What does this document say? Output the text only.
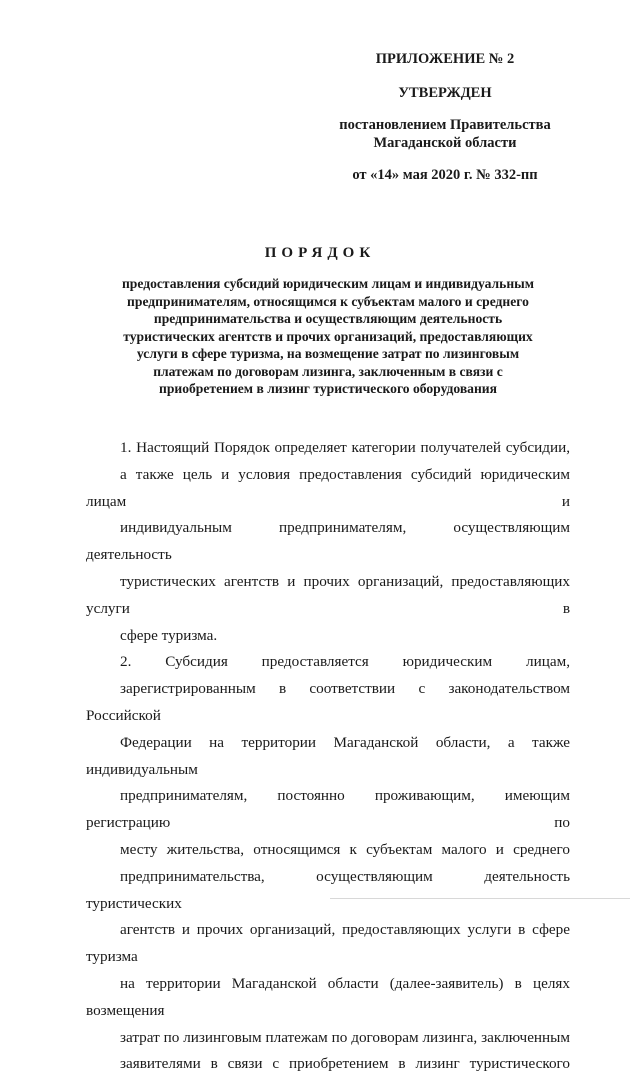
ПРИЛОЖЕНИЕ № 2
УТВЕРЖДЕН
постановлением Правительства
Магаданской области
от «14» мая 2020 г. № 332-пп
ПОРЯДОК
предоставления субсидий юридическим лицам и индивидуальным
предпринимателям, относящимся к субъектам малого и среднего
предпринимательства и осуществляющим деятельность
туристических агентств и прочих организаций, предоставляющих
услуги в сфере туризма, на возмещение затрат по лизинговым
платежам по договорам лизинга, заключенным в связи с
приобретением в лизинг туристического оборудования
1. Настоящий Порядок определяет категории получателей субсидии,
а также цель и условия предоставления субсидий юридическим лицам и
индивидуальным предпринимателям, осуществляющим деятельность
туристических агентств и прочих организаций, предоставляющих услуги в
сфере туризма.
2. Субсидия предоставляется юридическим лицам,
зарегистрированным в соответствии с законодательством Российской
Федерации на территории Магаданской области, а также индивидуальным
предпринимателям, постоянно проживающим, имеющим регистрацию по
месту жительства, относящимся к субъектам малого и среднего
предпринимательства, осуществляющим деятельность туристических
агентств и прочих организаций, предоставляющих услуги в сфере туризма
на территории Магаданской области (далее-заявитель) в целях возмещения
затрат по лизинговым платежам по договорам лизинга, заключенным
заявителями в связи с приобретением в лизинг туристического
